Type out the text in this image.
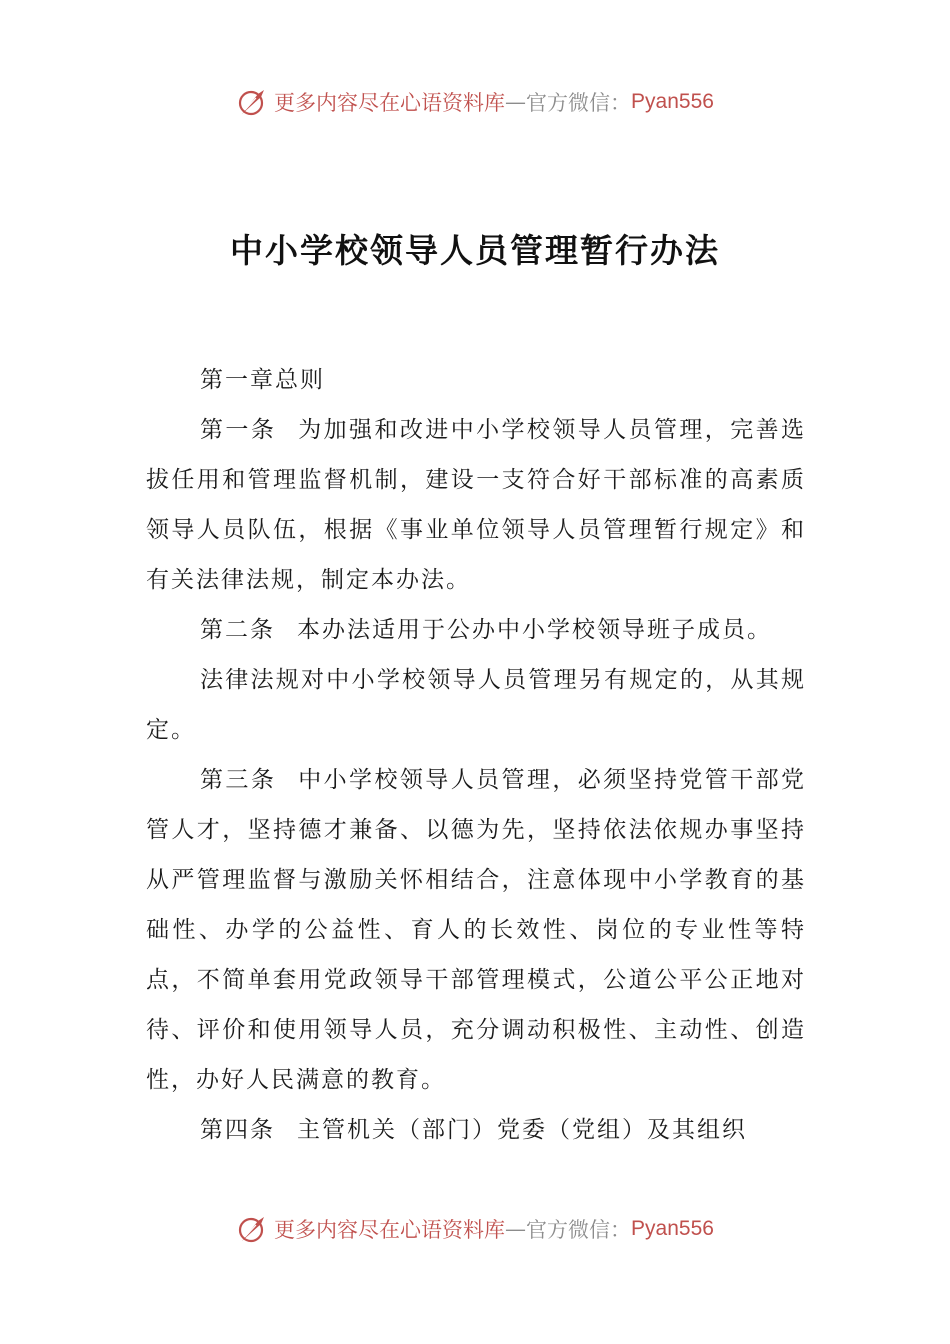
更多内容尽在心语资料库 — 官方微信： Pyan556
中小学校领导人员管理暂行办法

第一章总则

第一条 为加强和改进中小学校领导人员管理，完善选拔任用和管理监督机制，建设一支符合好干部标准的高素质领导人员队伍，根据《事业单位领导人员管理暂行规定》和有关法律法规，制定本办法。

第二条 本办法适用于公办中小学校领导班子成员。

法律法规对中小学校领导人员管理另有规定的，从其规定。

第三条 中小学校领导人员管理，必须坚持党管干部党管人才，坚持德才兼备、以德为先，坚持依法依规办事坚持从严管理监督与激励关怀相结合，注意体现中小学教育的基础性、办学的公益性、育人的长效性、岗位的专业性等特点，不简单套用党政领导干部管理模式，公道公平公正地对待、评价和使用领导人员，充分调动积极性、主动性、创造性，办好人民满意的教育。

第四条 主管机关（部门）党委（党组）及其组织

更多内容尽在心语资料库 — 官方微信： Pyan556
